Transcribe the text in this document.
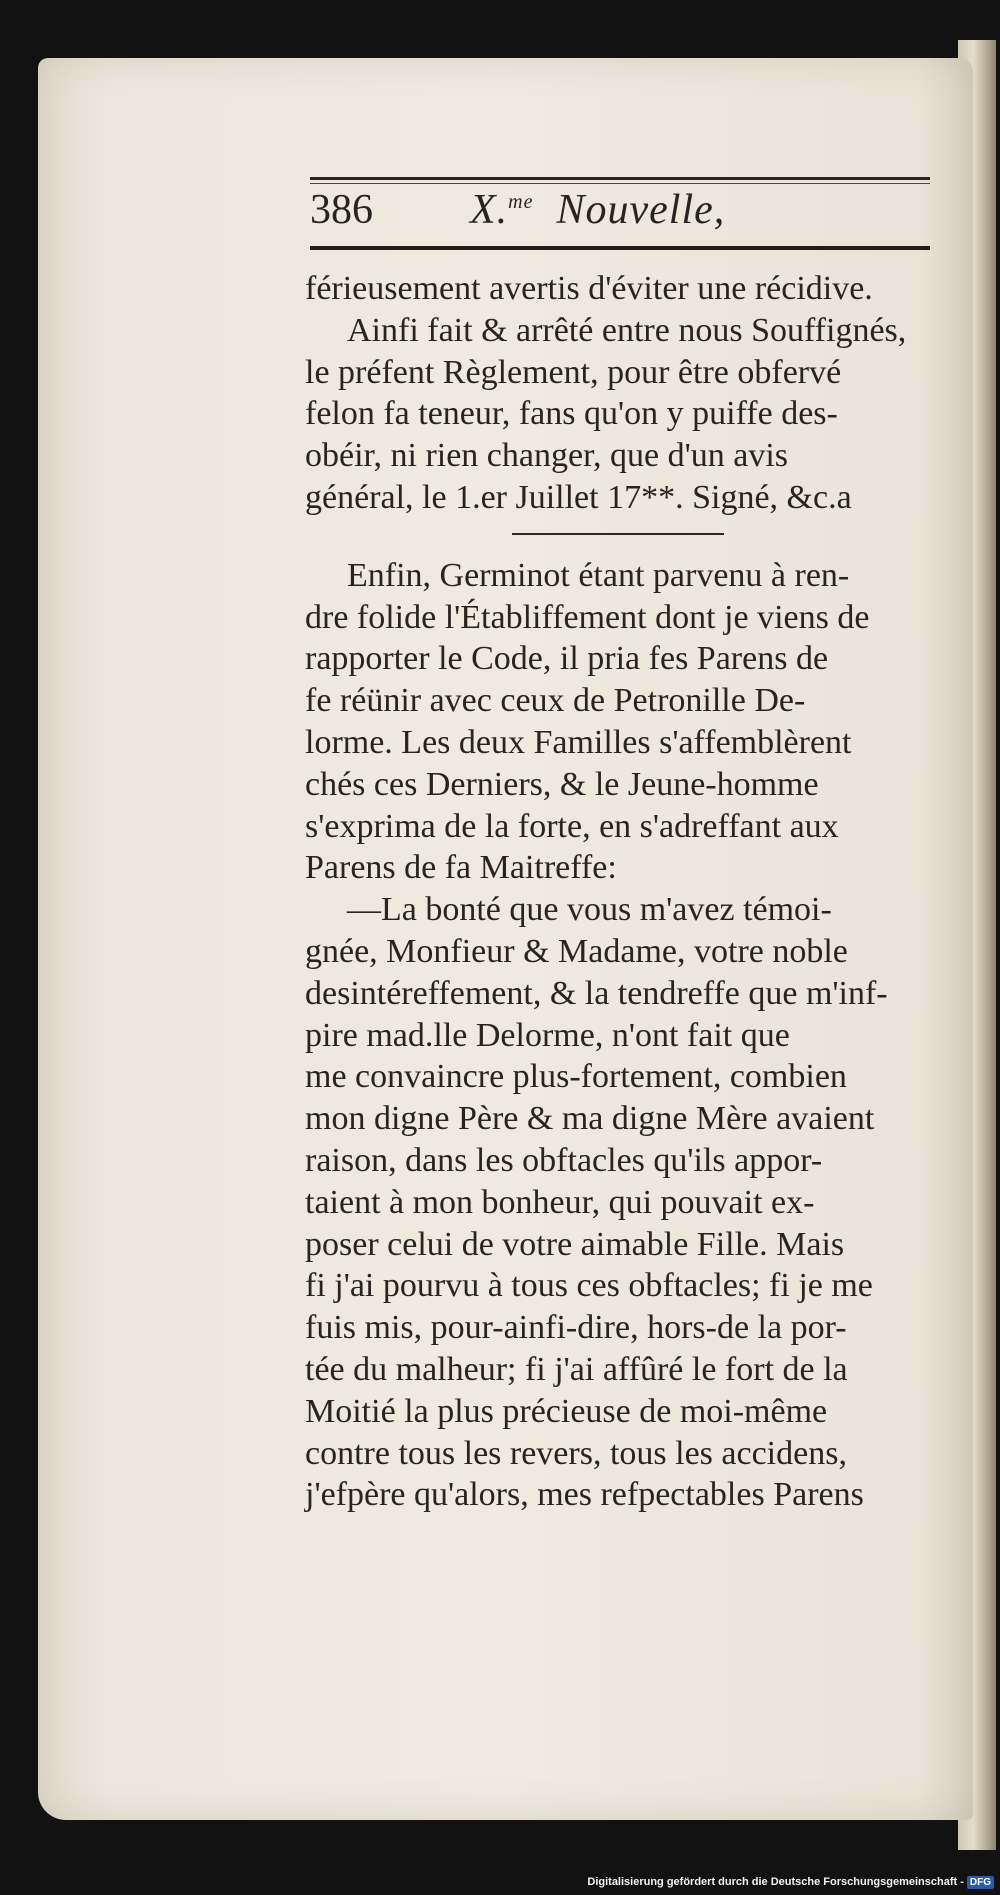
386 X.$^{me}$ Nouvelle,
férieusement avertis d'éviter une récidive.
Ainfi fait & arrêté entre nous Souffignés,
le préfent Règlement, pour être obfervé
felon fa teneur, fans qu'on y puiffe des-
obéir, ni rien changer, que d'un avis
général, le 1.er Juillet 17**. Signé, &c.a
Enfin, Germinot étant parvenu à ren-
dre folide l'Établiffement dont je viens de
rapporter le Code, il pria fes Parens de
fe réünir avec ceux de Petronille De-
lorme. Les deux Familles s'affemblèrent
chés ces Derniers, & le Jeune-homme
s'exprima de la forte, en s'adreffant aux
Parens de fa Maitreffe:
—La bonté que vous m'avez témoi-
gnée, Monfieur & Madame, votre noble
desintéreffement, & la tendreffe que m'inf-
pire mad.lle Delorme, n'ont fait que
me convaincre plus-fortement, combien
mon digne Père & ma digne Mère avaient
raison, dans les obftacles qu'ils appor-
taient à mon bonheur, qui pouvait ex-
poser celui de votre aimable Fille. Mais
fi j'ai pourvu à tous ces obftacles; fi je me
fuis mis, pour-ainfi-dire, hors-de la por-
tée du malheur; fi j'ai affûré le fort de la
Moitié la plus précieuse de moi-même
contre tous les revers, tous les accidens,
j'efpère qu'alors, mes refpectables Parens
Digitalisierung gefördert durch die Deutsche Forschungsgemeinschaft - DFG
